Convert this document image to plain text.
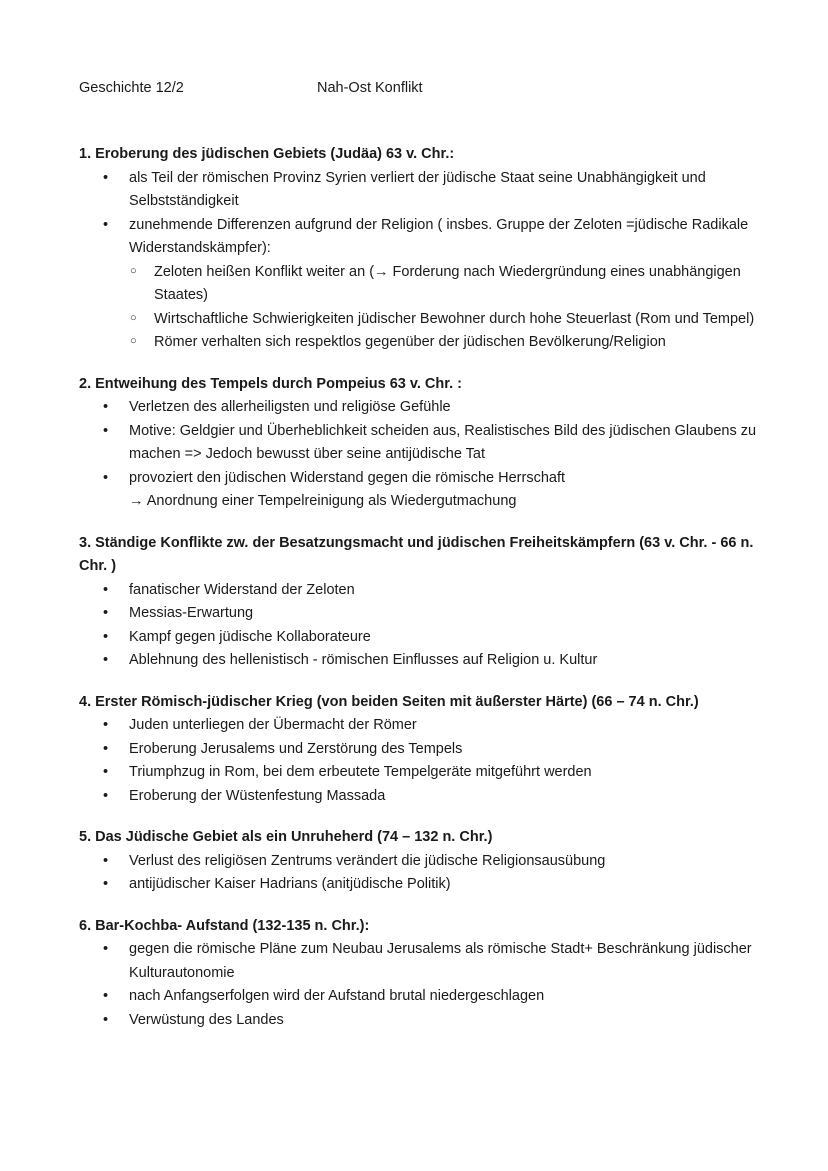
Geschichte 12/2	Nah-Ost Konflikt
1. Eroberung des jüdischen Gebiets (Judäa) 63 v. Chr.:
• als Teil der römischen Provinz Syrien verliert der jüdische Staat seine Unabhängigkeit und Selbstständigkeit
• zunehmende Differenzen aufgrund der Religion ( insbes. Gruppe der Zeloten =jüdische Radikale Widerstandskämpfer):
○ Zeloten heißen Konflikt weiter an (→ Forderung nach Wiedergründung eines unabhängigen Staates)
○ Wirtschaftliche Schwierigkeiten jüdischer Bewohner durch hohe Steuerlast (Rom und Tempel)
○ Römer verhalten sich respektlos gegenüber der jüdischen Bevölkerung/Religion
2. Entweihung des Tempels durch Pompeius 63 v. Chr. :
• Verletzen des allerheiligsten und religiöse Gefühle
• Motive: Geldgier und Überheblichkeit scheiden aus, Realistisches Bild des jüdischen Glaubens zu machen => Jedoch bewusst über seine antijüdische Tat
• provoziert den jüdischen Widerstand gegen die römische Herrschaft
→ Anordnung einer Tempelreinigung als Wiedergutmachung
3. Ständige Konflikte zw. der Besatzungsmacht und jüdischen Freiheitskämpfern (63 v. Chr. - 66 n. Chr. )
• fanatischer Widerstand der Zeloten
• Messias-Erwartung
• Kampf gegen jüdische Kollaborateure
• Ablehnung des hellenistisch - römischen Einflusses auf Religion u. Kultur
4. Erster Römisch-jüdischer Krieg (von beiden Seiten mit äußerster Härte) (66 – 74 n. Chr.)
• Juden unterliegen der Übermacht der Römer
• Eroberung Jerusalems und Zerstörung des Tempels
• Triumphzug in Rom, bei dem erbeutete Tempelgeräte mitgeführt werden
• Eroberung der Wüstenfestung Massada
5. Das Jüdische Gebiet als ein Unruheherd (74 – 132 n. Chr.)
• Verlust des religiösen Zentrums verändert die jüdische Religionsausübung
• antijüdischer Kaiser Hadrians (anitjüdische Politik)
6. Bar-Kochba- Aufstand (132-135 n. Chr.):
• gegen die römische Pläne zum Neubau Jerusalems als römische Stadt+ Beschränkung jüdischer Kulturautonomie
• nach Anfangserfolgen wird der Aufstand brutal niedergeschlagen
• Verwüstung des Landes
